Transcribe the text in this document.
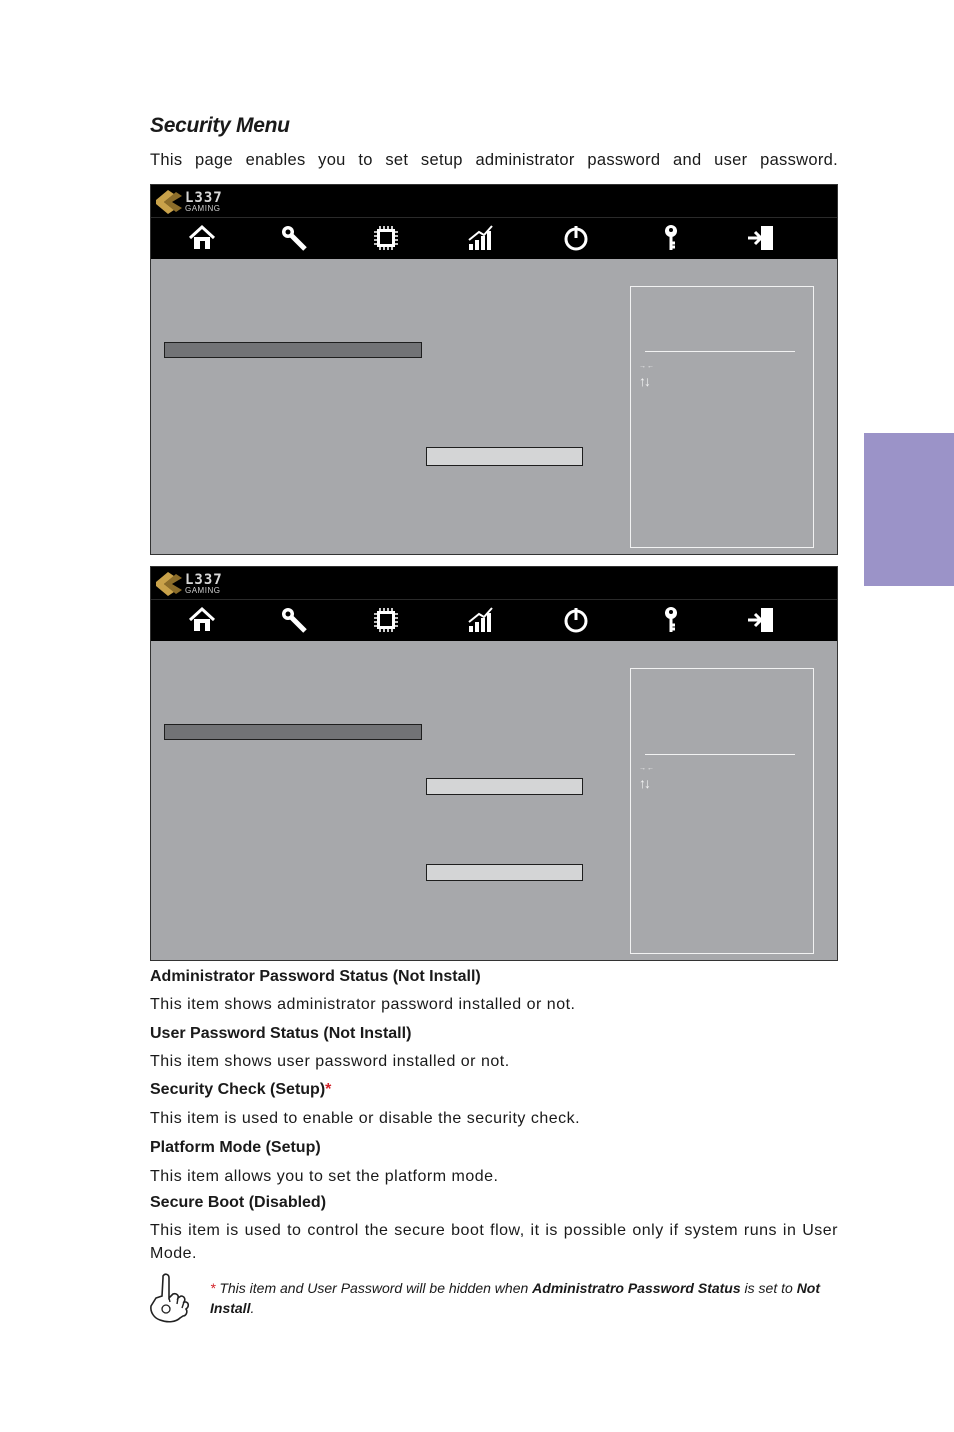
Security Menu

This page enables you to set setup administrator password and user password.

L337
GAMING
→←
↑↓
L337
GAMING
→←
↑↓

Administrator Password Status (Not Install)

This item shows administrator password installed or not.

User Password Status (Not Install)

This item shows user password installed or not.

Security Check (Setup)*

This item is used to enable or disable the security check.

Platform Mode (Setup)

This item allows you to set the platform mode.

Secure Boot (Disabled)

This item is used to control the secure boot flow, it is possible only if system runs in User Mode.

* This item and User Password will be hidden when Administratro Password Status is set to Not Install.
